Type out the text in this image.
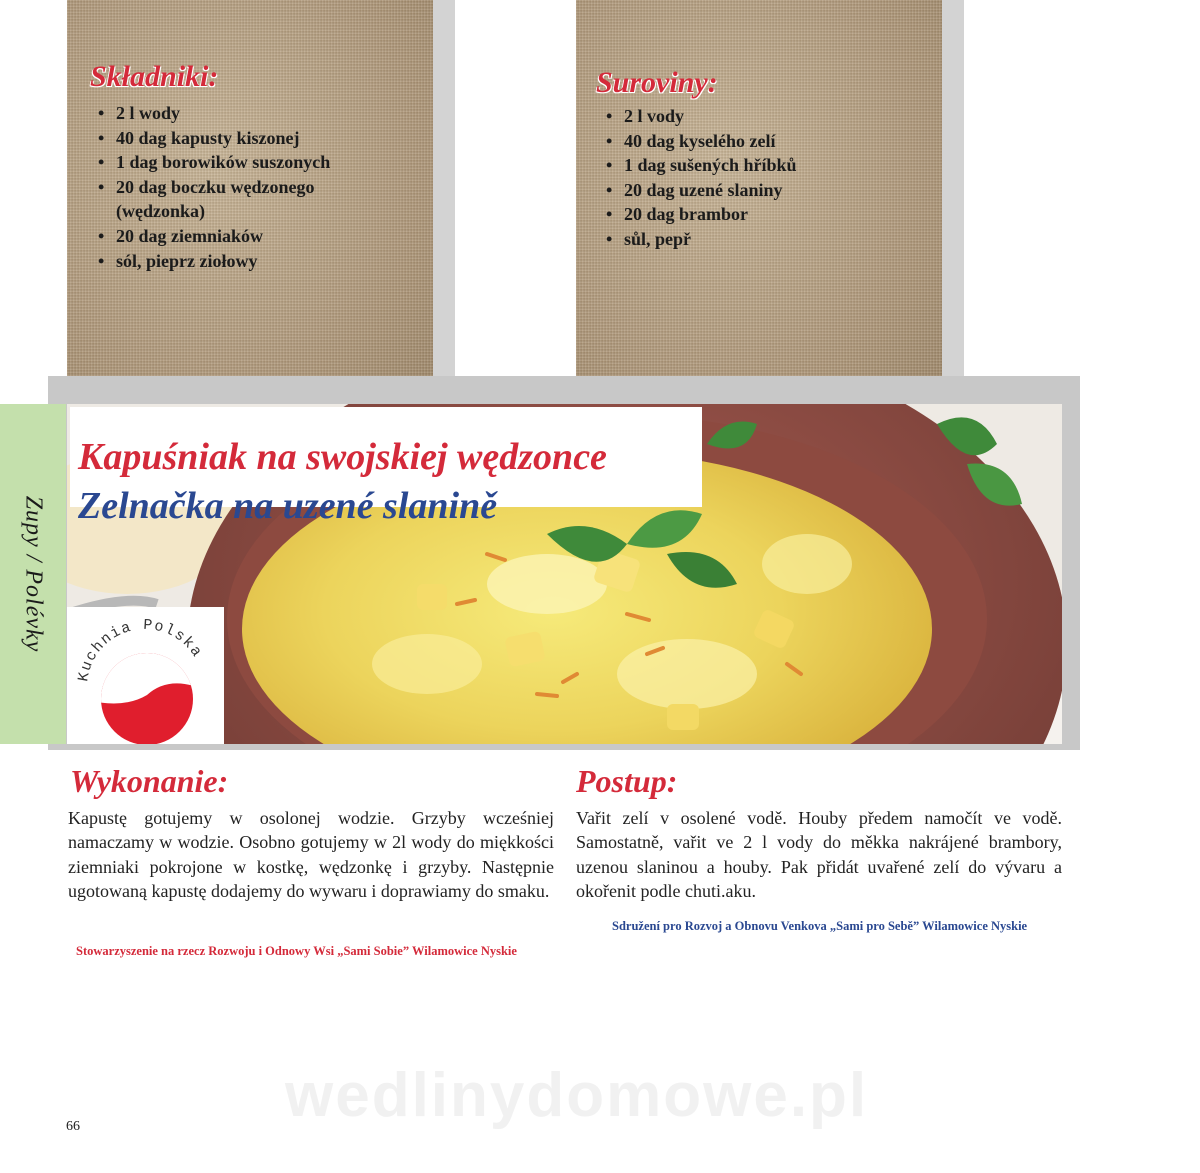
Składniki:
• 2 l wody
• 40 dag kapusty kiszonej
• 1 dag borowików suszonych
• 20 dag boczku wędzonego (wędzonka)
• 20 dag ziemniaków
• sól, pieprz ziołowy
Suroviny:
• 2 l vody
• 40 dag kyselého zelí
• 1 dag sušených hříbků
• 20 dag uzené slaniny
• 20 dag brambor
• sůl, pepř
Zupy / Polévky
Kapuśniak na swojskiej wędzonce
Zelnačka na uzené slanině
Kuchnia Polska
Wykonanie:

Kapustę gotujemy w osolonej wodzie. Grzyby wcześniej namaczamy w wodzie. Osobno gotujemy w 2l wody do miękkości ziemniaki pokrojone w kostkę, wędzonkę i grzyby. Następnie ugotowaną kapustę dodajemy do wywaru i doprawiamy do smaku.

Stowarzyszenie na rzecz Rozwoju i Odnowy Wsi „Sami Sobie” Wilamowice Nyskie

Postup:

Vařit zelí v osolené vodě. Houby předem namočít ve vodě. Samostatně, vařit ve 2 l vody do měkka nakrájené brambory, uzenou slaninou a houby. Pak přidát uvařené zelí do vývaru a okořenit podle chuti.aku.

Sdružení pro Rozvoj a Obnovu Venkova „Sami pro Sebě” Wilamowice Nyskie

wedlinydomowe.pl
66
